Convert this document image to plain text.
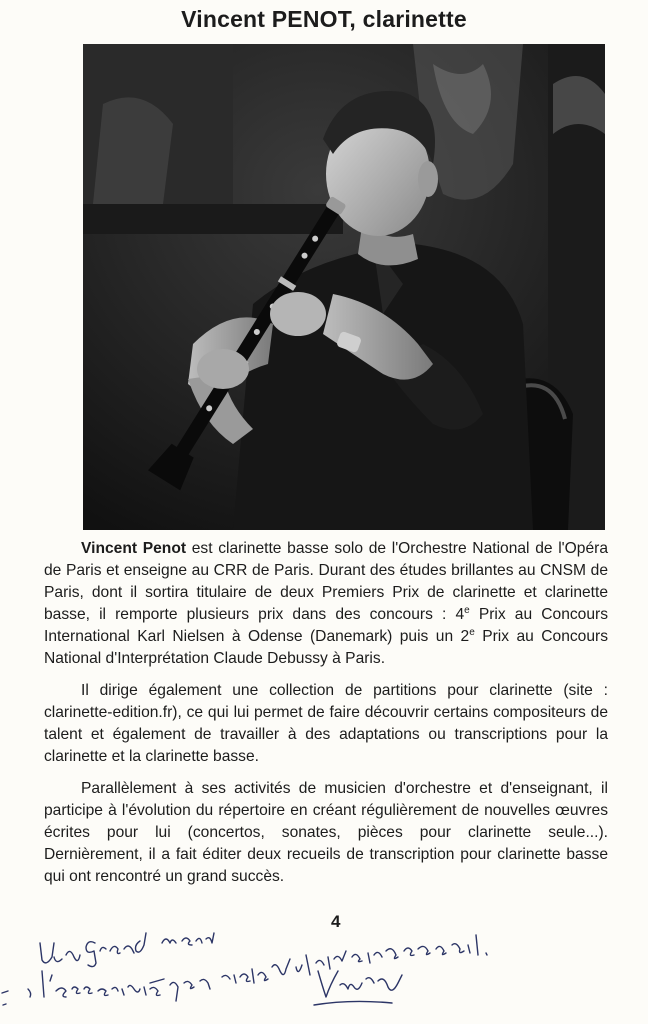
Vincent PENOT, clarinette

Vincent Penot est clarinette basse solo de l'Orchestre National de l'Opéra de Paris et enseigne au CRR de Paris. Durant des études brillantes au CNSM de Paris, dont il sortira titulaire de deux Premiers Prix de clarinette et clarinette basse, il remporte plusieurs prix dans des concours : 4e Prix au Concours International Karl Nielsen à Odense (Danemark) puis un 2e Prix au Concours National d'Interprétation Claude Debussy à Paris.

Il dirige également une collection de partitions pour clarinette (site : clarinette-edition.fr), ce qui lui permet de faire découvrir certains compositeurs de talent et également de travailler à des adaptations ou transcriptions pour la clarinette et la clarinette basse.

Parallèlement à ses activités de musicien d'orchestre et d'enseignant, il participe à l'évolution du répertoire en créant régulièrement de nouvelles œuvres écrites pour lui (concertos, sonates, pièces pour clarinette seule...). Dernièrement, il a fait éditer deux recueils de transcription pour clarinette basse qui ont rencontré un grand succès.

4
